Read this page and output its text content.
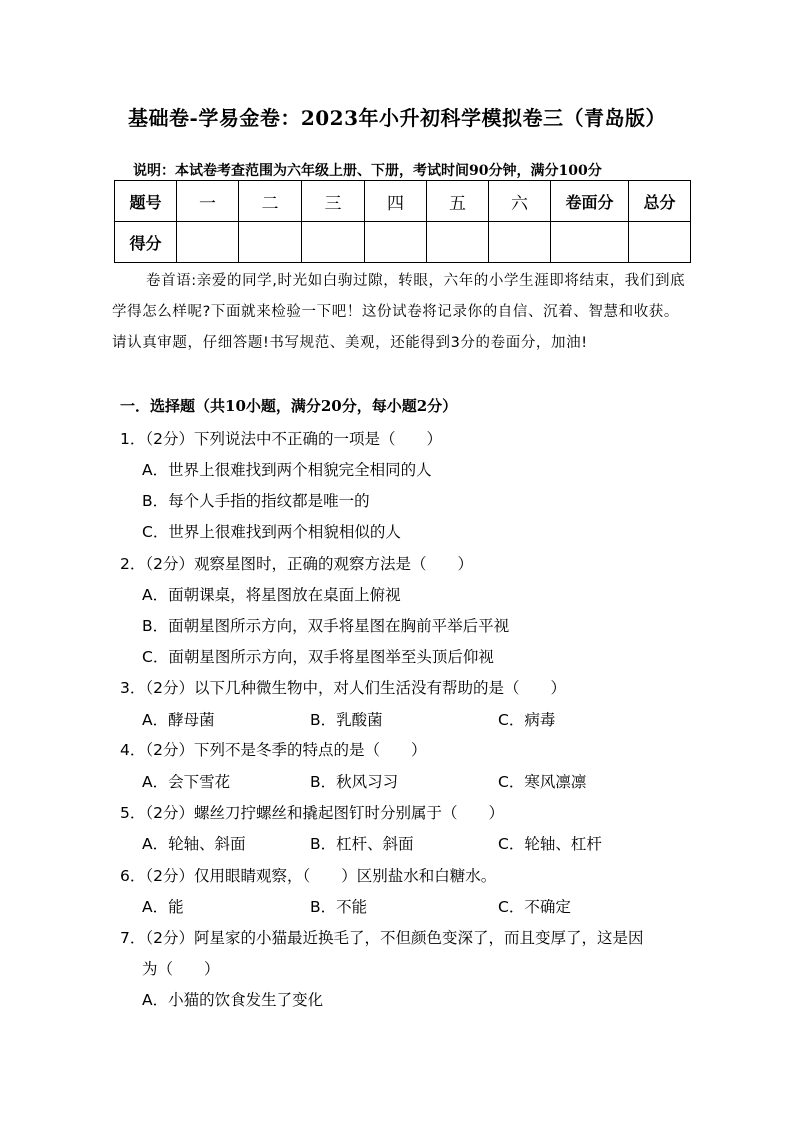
基础卷-学易金卷：2023年小升初科学模拟卷三（青岛版）
说明：本试卷考查范围为六年级上册、下册，考试时间90分钟，满分100分
题号	一	二	三	四	五	六	卷面分	总分
得分								
卷首语:亲爱的同学,时光如白驹过隙，转眼，六年的小学生涯即将结束，我们到底学得怎么样呢?下面就来检验一下吧！这份试卷将记录你的自信、沉着、智慧和收获。请认真审题，仔细答题!书写规范、美观，还能得到3分的卷面分，加油!
一．选择题（共10小题，满分20分，每小题2分）
1．（2分）下列说法中不正确的一项是（　　）
A．世界上很难找到两个相貌完全相同的人
B．每个人手指的指纹都是唯一的
C．世界上很难找到两个相貌相似的人
2．（2分）观察星图时，正确的观察方法是（　　）
A．面朝课桌，将星图放在桌面上俯视
B．面朝星图所示方向，双手将星图在胸前平举后平视
C．面朝星图所示方向，双手将星图举至头顶后仰视
3．（2分）以下几种微生物中，对人们生活没有帮助的是（　　）
A．酵母菌	B．乳酸菌	C．病毒
4．（2分）下列不是冬季的特点的是（　　）
A．会下雪花	B．秋风习习	C．寒风凛凛
5．（2分）螺丝刀拧螺丝和撬起图钉时分别属于（　　）
A．轮轴、斜面	B．杠杆、斜面	C．轮轴、杠杆
6．（2分）仅用眼睛观察，（　　）区别盐水和白糖水。
A．能	B．不能	C．不确定
7．（2分）阿星家的小猫最近换毛了，不但颜色变深了，而且变厚了，这是因
为（　　）
A．小猫的饮食发生了变化
